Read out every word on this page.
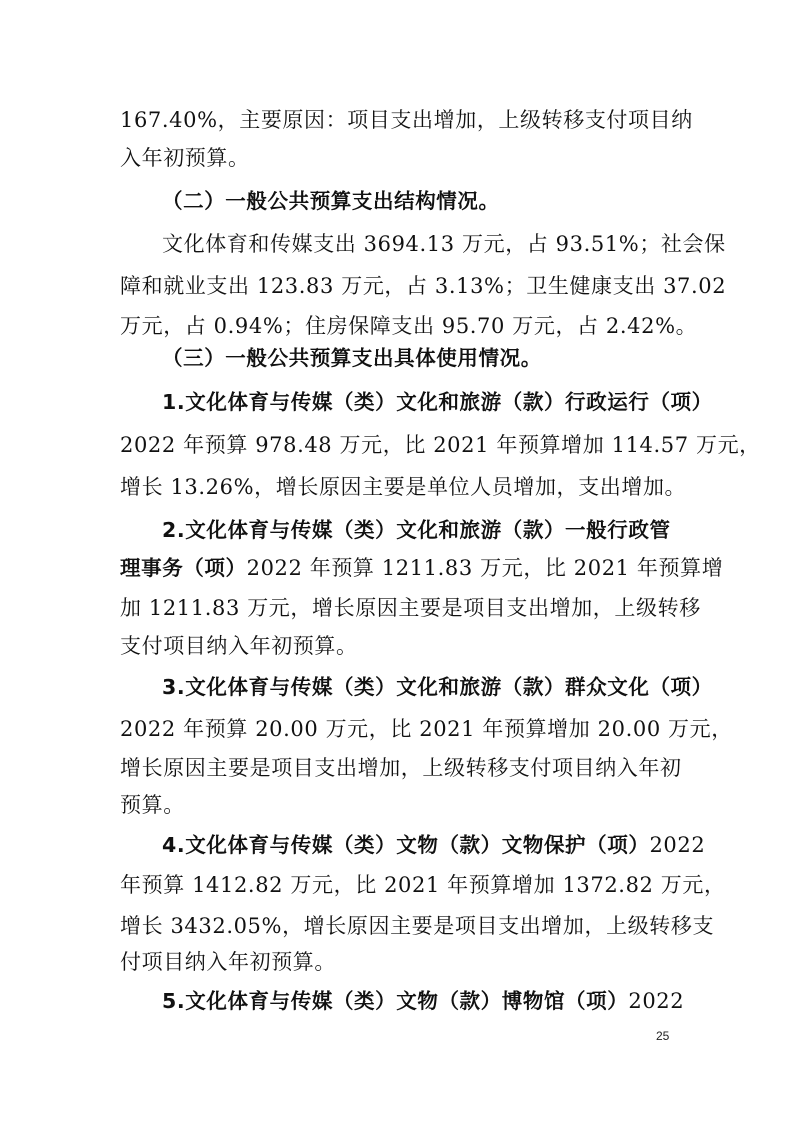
167.40%，主要原因：项目支出增加，上级转移支付项目纳
入年初预算。
（二）一般公共预算支出结构情况。
文化体育和传媒支出 3694.13 万元，占 93.51%；社会保
障和就业支出 123.83 万元，占 3.13%；卫生健康支出 37.02
万元，占 0.94%；住房保障支出 95.70 万元，占 2.42%。
（三）一般公共预算支出具体使用情况。
1.文化体育与传媒（类）文化和旅游（款）行政运行（项）
2022 年预算 978.48 万元，比 2021 年预算增加 114.57 万元，
增长 13.26%，增长原因主要是单位人员增加，支出增加。
2.文化体育与传媒（类）文化和旅游（款）一般行政管
理事务（项）2022 年预算 1211.83 万元，比 2021 年预算增
加 1211.83 万元，增长原因主要是项目支出增加，上级转移
支付项目纳入年初预算。
3.文化体育与传媒（类）文化和旅游（款）群众文化（项）
2022 年预算 20.00 万元，比 2021 年预算增加 20.00 万元，
增长原因主要是项目支出增加，上级转移支付项目纳入年初
预算。
4.文化体育与传媒（类）文物（款）文物保护（项）2022
年预算 1412.82 万元，比 2021 年预算增加 1372.82 万元，
增长 3432.05%，增长原因主要是项目支出增加，上级转移支
付项目纳入年初预算。
5.文化体育与传媒（类）文物（款）博物馆（项）2022
25
